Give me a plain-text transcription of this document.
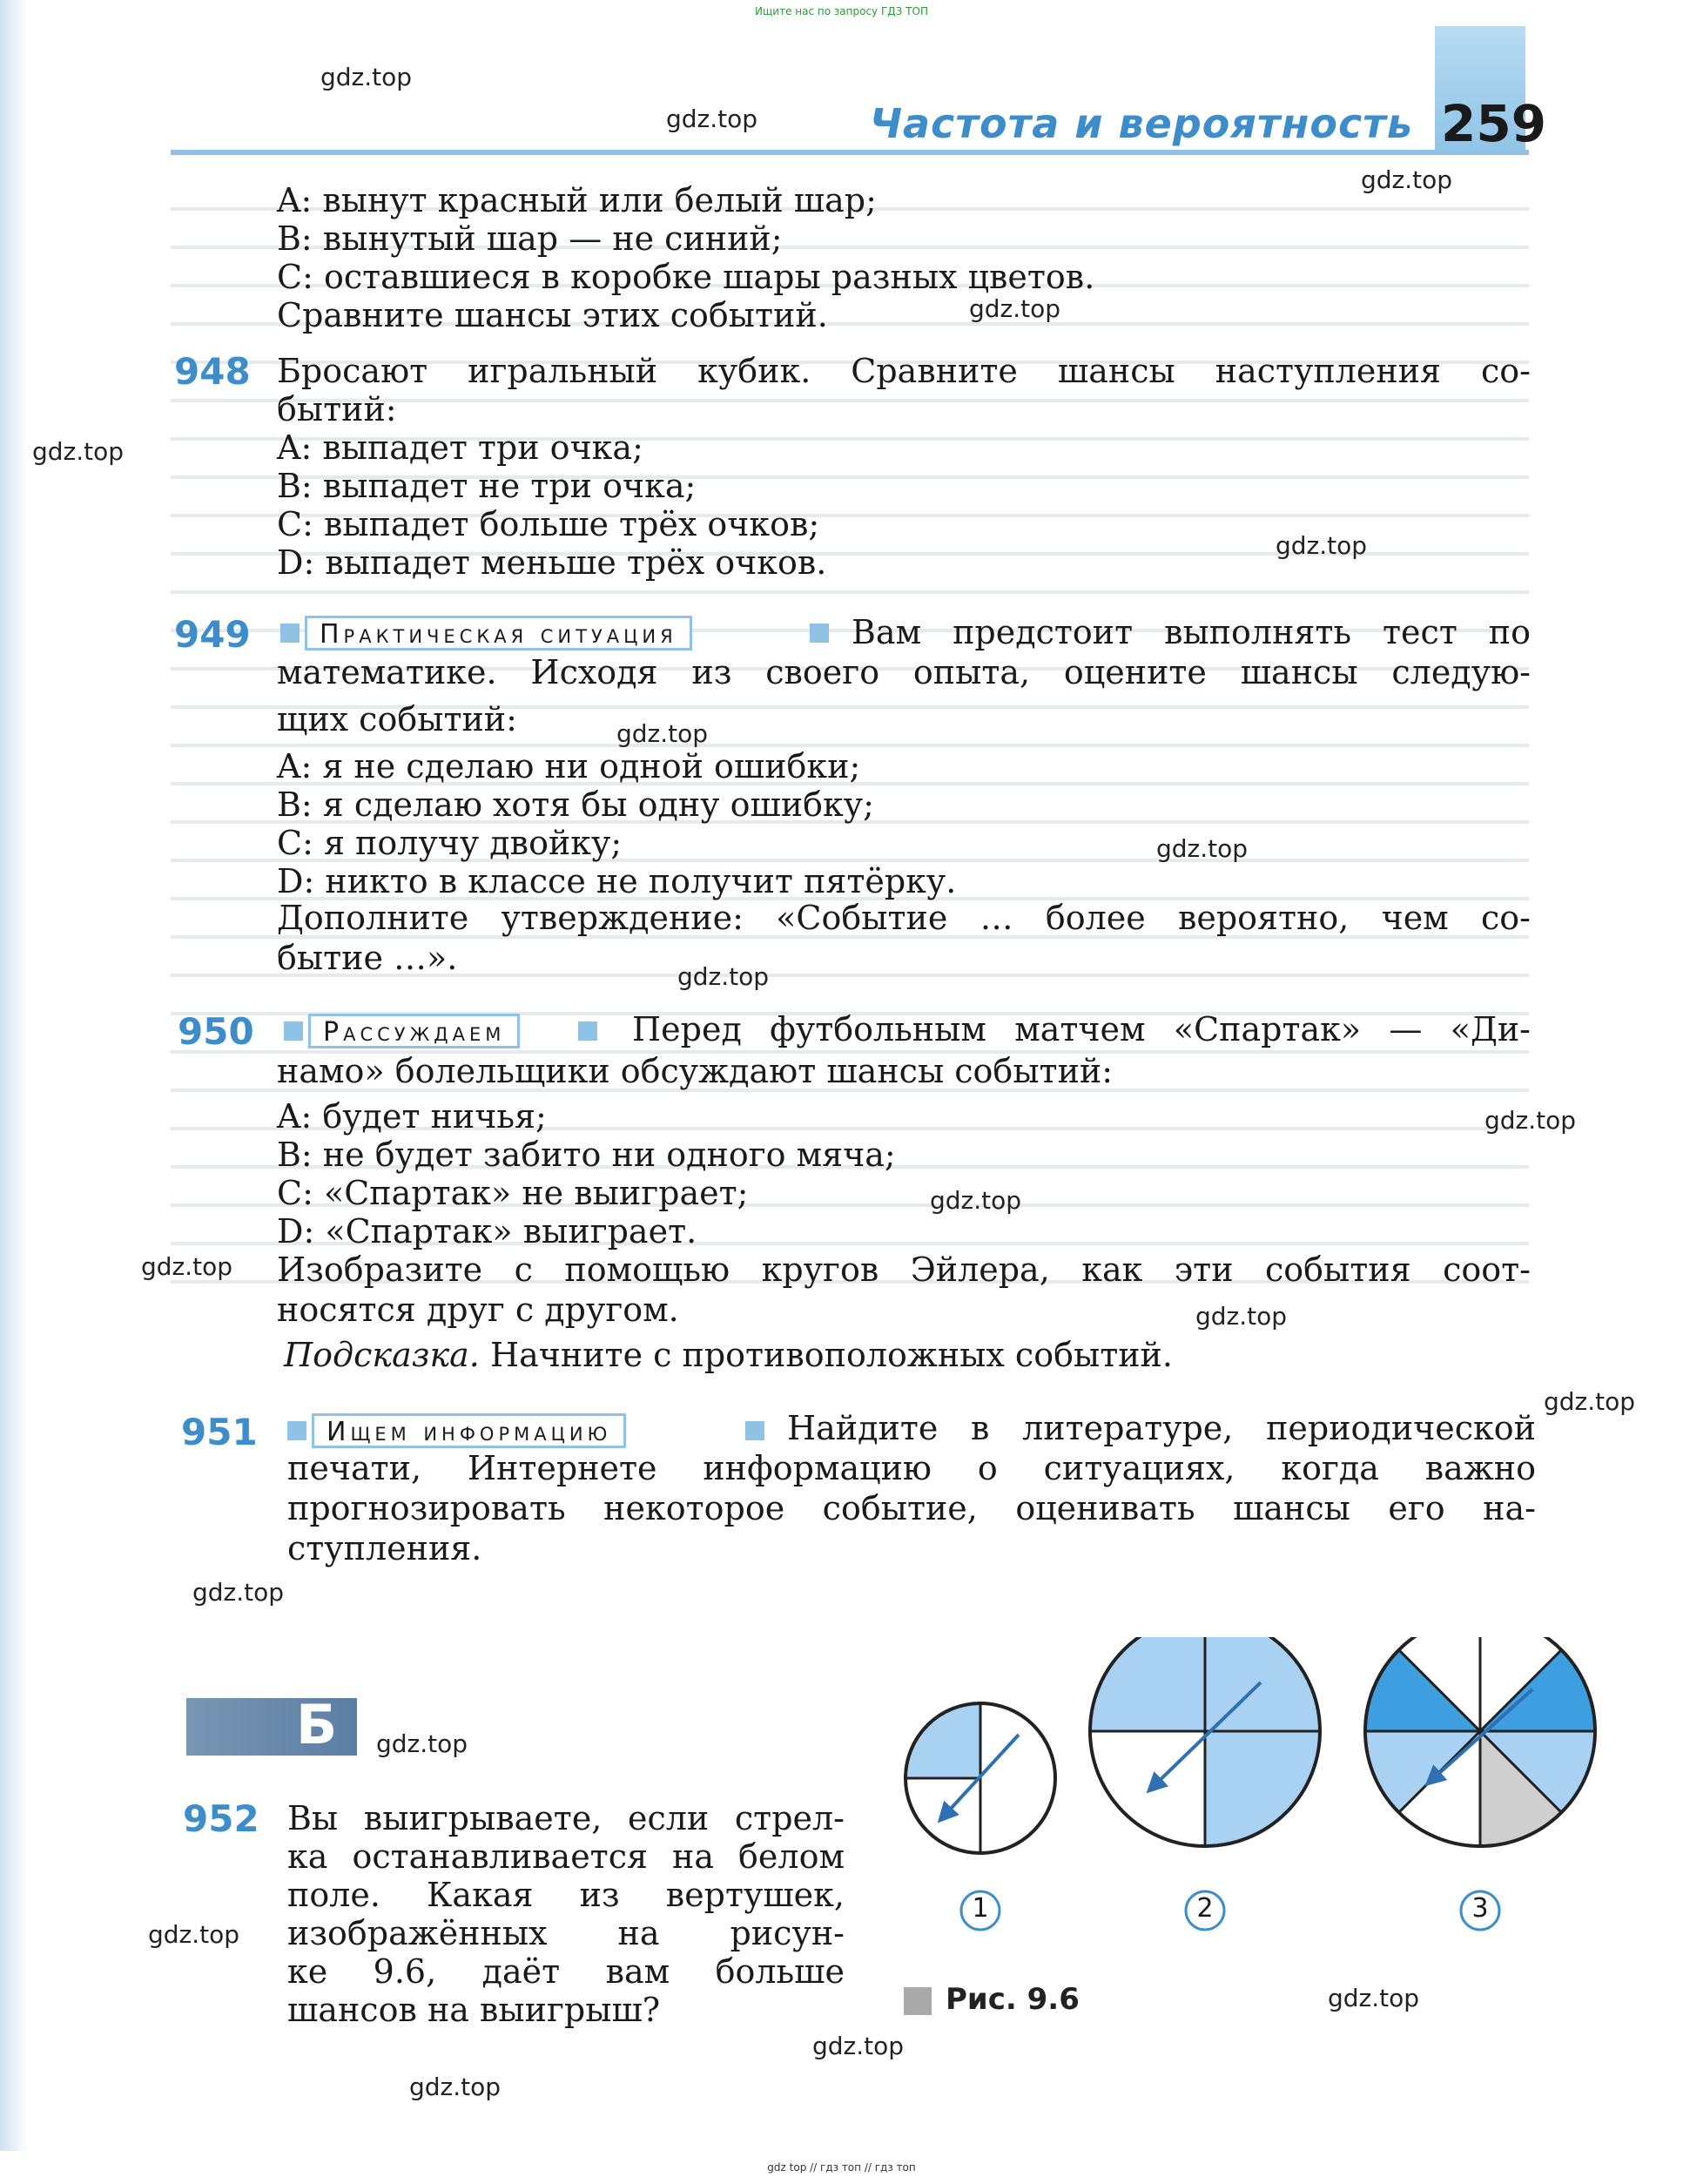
Ищите нас по запросу ГДЗ ТОП
Частота и вероятность 259
gdz.top
gdz.top
gdz.top
gdz.top
gdz.top
gdz.top
gdz.top
gdz.top
gdz.top
gdz.top
gdz.top
gdz.top
gdz.top
gdz.top
gdz.top
gdz.top
gdz.top
gdz.top
gdz.top
gdz.top
A: вынут красный или белый шар;
B: вынутый шар — не синий;
C: оставшиеся в коробке шары разных цветов.
Сравните шансы этих событий.
948 Бросают игральный кубик. Сравните шансы наступления со-
бытий:
A: выпадет три очка;
B: выпадет не три очка;
C: выпадет больше трёх очков;
D: выпадет меньше трёх очков.
949	Практическая ситуация	Вам предстоит выполнять тест по
математике. Исходя из своего опыта, оцените шансы следую-
щих событий:
A: я не сделаю ни одной ошибки;
B: я сделаю хотя бы одну ошибку;
C: я получу двойку;
D: никто в классе не получит пятёрку.
Дополните утверждение: «Событие … более вероятно, чем со-
бытие …».
950	Рассуждаем	Перед футбольным матчем «Спартак» — «Ди-
намо» болельщики обсуждают шансы событий:
A: будет ничья;
B: не будет забито ни одного мяча;
C: «Спартак» не выиграет;
D: «Спартак» выиграет.
Изобразите с помощью кругов Эйлера, как эти события соот-
носятся друг с другом.
Подсказка. Начните с противоположных событий.
951	Ищем информацию	Найдите в литературе, периодической
печати, Интернете информацию о ситуациях, когда важно
прогнозировать некоторое событие, оценивать шансы его на-
ступления.
Б
952 Вы выигрываете, если стрел-
ка останавливается на белом
поле. Какая из вертушек,
изображённых на рисун-
ке 9.6, даёт вам больше
шансов на выигрыш?
1	2	3
Рис. 9.6
gdz top // гдз топ // гдз топ
